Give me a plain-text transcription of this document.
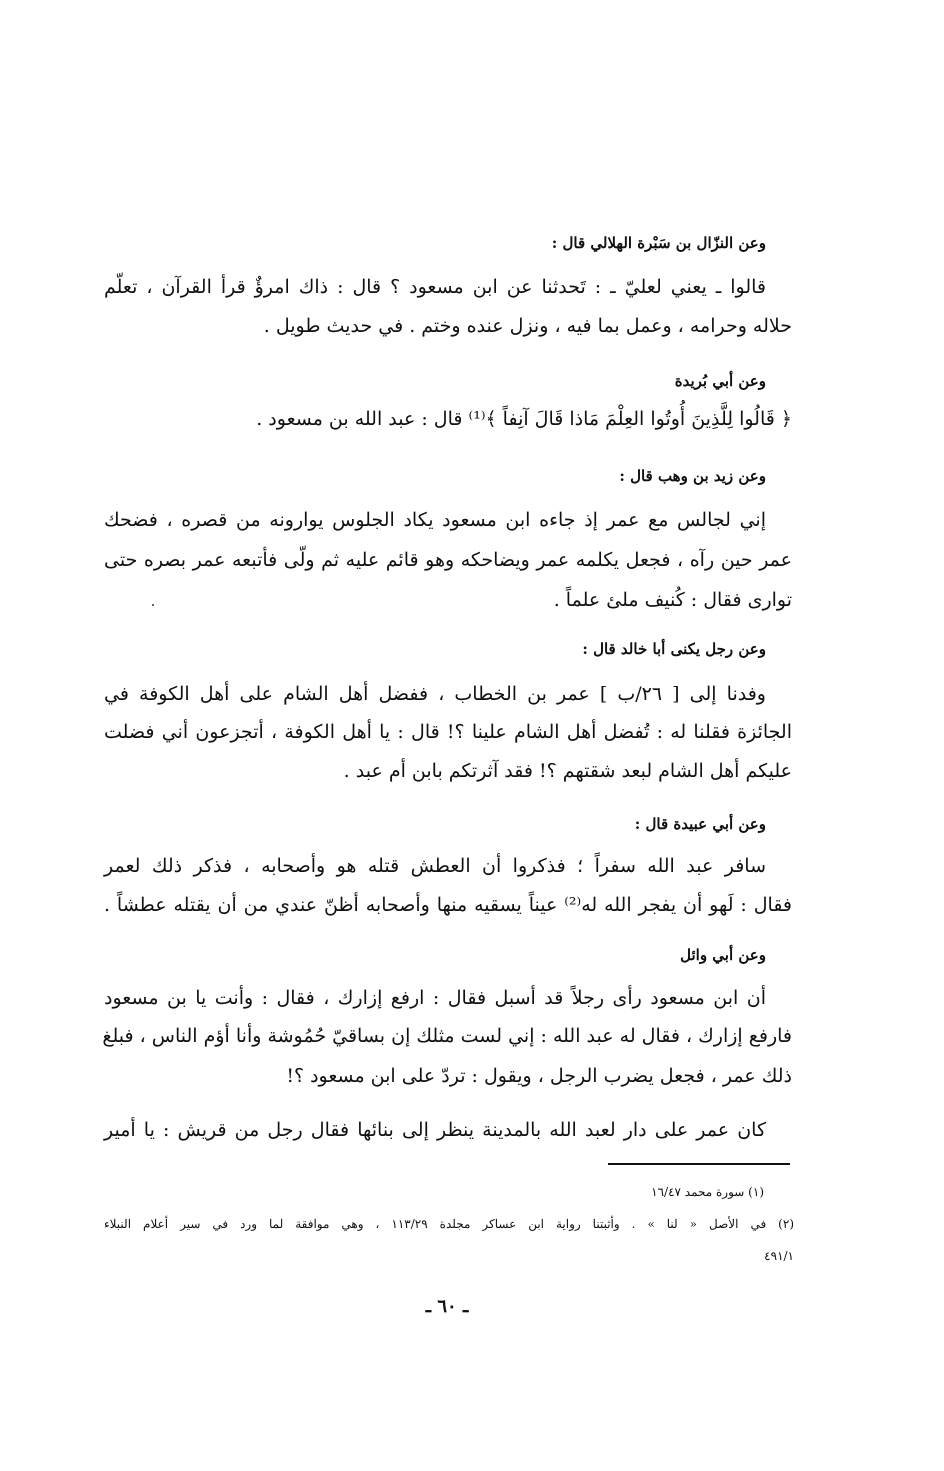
وعن النزّال بن سَبْرة الهلالي قال :
قالوا ـ يعني لعليّ ـ : تَحدثنا عن ابن مسعود ؟ قال : ذاك امرؤٌ قرأ القرآن ، تعلّم
حلاله وحرامه ، وعمل بما فيه ، ونزل عنده وختم . في حديث طويل .
وعن أبي بُريدة
﴿ قَالُوا لِلَّذِينَ أُوتُوا العِلْمَ مَاذا قَالَ آنِفاً ﴾⁽¹⁾ قال : عبد الله بن مسعود .
وعن زيد بن وهب قال :
إني لجالس مع عمر إذ جاءه ابن مسعود يكاد الجلوس يوارونه من قصره ، فضحك
عمر حين رآه ، فجعل يكلمه عمر ويضاحكه وهو قائم عليه ثم ولّى فأتبعه عمر بصره حتى
توارى فقال : كُنيف ملئ علماً .
وعن رجل يكنى أبا خالد قال :
وفدنا إلى [ ٢٦/ب ] عمر بن الخطاب ، ففضل أهل الشام على أهل الكوفة في
الجائزة فقلنا له : تُفضل أهل الشام علينا ؟! قال : يا أهل الكوفة ، أتجزعون أني فضلت
عليكم أهل الشام لبعد شقتهم ؟! فقد آثرتكم بابن أم عبد .
وعن أبي عبيدة قال :
سافر عبد الله سفراً ؛ فذكروا أن العطش قتله هو وأصحابه ، فذكر ذلك لعمر
فقال : لَهو أن يفجر الله له⁽²⁾ عيناً يسقيه منها وأصحابه أظنّ عندي من أن يقتله عطشاً .
وعن أبي وائل
أن ابن مسعود رأى رجلاً قد أسبل فقال : ارفع إزارك ، فقال : وأنت يا بن مسعود
فارفع إزارك ، فقال له عبد الله : إني لست مثلك إن بساقيّ حُمُوشة وأنا أؤم الناس ، فبلغ
ذلك عمر ، فجعل يضرب الرجل ، ويقول : تردّ على ابن مسعود ؟!
كان عمر على دار لعبد الله بالمدينة ينظر إلى بنائها فقال رجل من قريش : يا أمير
(١) سورة محمد ١٦/٤٧
(٢) في الأصل « لنا » . وأثبتنا رواية ابن عساكر مجلدة ١١٣/٢٩ ، وهي موافقة لما ورد في سير أعلام النبلاء
٤٩١/١
ـ ٦٠ ـ
